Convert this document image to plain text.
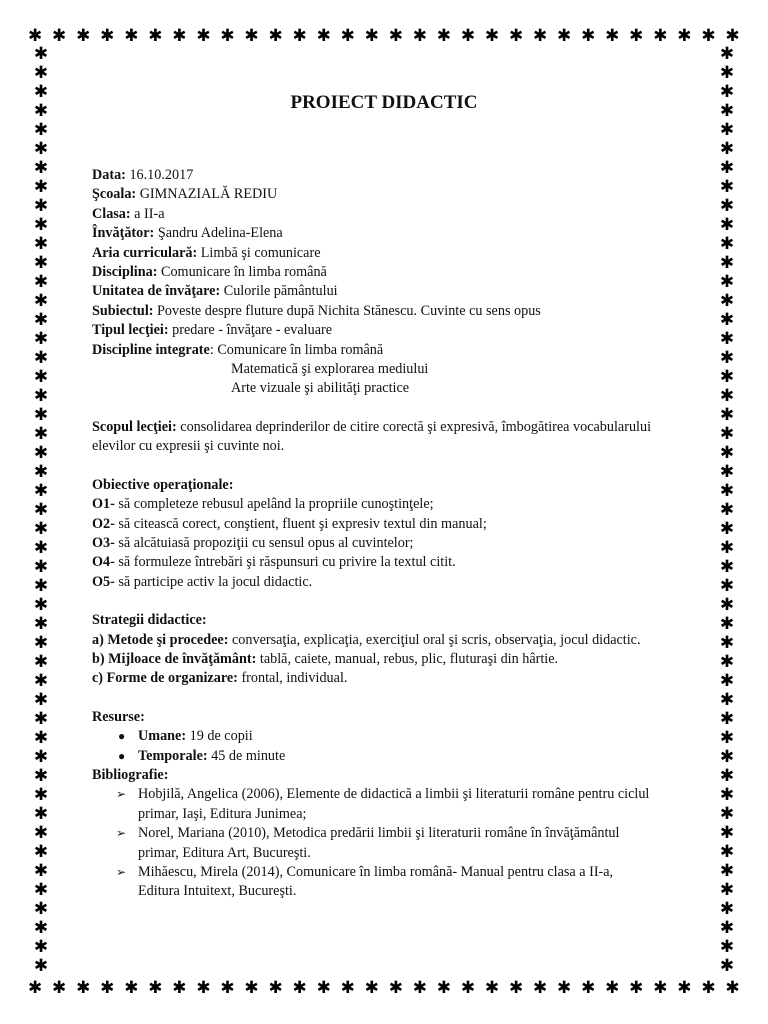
✱ ✱ ✱ ✱ ✱ ✱ ✱ ✱ ✱ ✱ ✱ ✱ ✱ ✱ ✱ ✱ ✱ ✱ ✱ ✱ ✱ ✱ ✱ ✱ ✱ ✱ ✱ ✱ ✱ ✱
✱ ✱ ✱ ✱ ✱ ✱ ✱ ✱ ✱ ✱ ✱ ✱ ✱ ✱ ✱ ✱ ✱ ✱ ✱ ✱ ✱ ✱ ✱ ✱ ✱ ✱ ✱ ✱ ✱ ✱
✱
✱
✱
✱
✱
✱
✱
✱
✱
✱
✱
✱
✱
✱
✱
✱
✱
✱
✱
✱
✱
✱
✱
✱
✱
✱
✱
✱
✱
✱
✱
✱
✱
✱
✱
✱
✱
✱
✱
✱
✱
✱
✱
✱
✱
✱
✱
✱
✱
✱
✱
✱
✱
✱
✱
✱
✱
✱
✱
✱
✱
✱
✱
✱
✱
✱
✱
✱
✱
✱
✱
✱
✱
✱
✱
✱
✱
✱
✱
✱
✱
✱
✱
✱
✱
✱
✱
✱
✱
✱
✱
✱
✱
✱
✱
✱
✱
✱
PROIECT DIDACTIC
Data: 16.10.2017
Şcoala: GIMNAZIALĂ REDIU
Clasa: a II-a
Învăţător: Şandru Adelina-Elena
Aria curriculară: Limbă şi comunicare
Disciplina: Comunicare în limba română
Unitatea de învăţare: Culorile pământului
Subiectul: Poveste despre fluture după Nichita Stănescu. Cuvinte cu sens opus
Tipul lecţiei: predare - învăţare - evaluare
Discipline integrate: Comunicare în limba română
Matematică şi explorarea mediului
Arte vizuale şi abilităţi practice
Scopul lecţiei: consolidarea deprinderilor de citire corectă şi expresivă, îmbogătirea vocabularului elevilor cu expresii şi cuvinte noi.
Obiective operaţionale:
O1- să completeze rebusul apelând la propriile cunoştinţele;
O2- să citească corect, conştient, fluent şi expresiv textul din manual;
O3- să alcătuiasă propoziţii cu sensul opus al cuvintelor;
O4- să formuleze întrebări şi răspunsuri cu privire la textul citit.
O5- să participe activ la jocul didactic.
Strategii didactice:
a) Metode şi procedee: conversaţia, explicaţia, exerciţiul oral şi scris, observaţia, jocul didactic.
b) Mijloace de învăţământ: tablă, caiete, manual, rebus, plic, fluturaşi din hârtie.
c) Forme de organizare: frontal, individual.
Resurse:
● Umane: 19 de copii
● Temporale: 45 de minute
Bibliografie:
➢ Hobjilă, Angelica (2006), Elemente de didactică a limbii şi literaturii române pentru ciclul primar, Iaşi, Editura Junimea;
➢ Norel, Mariana (2010), Metodica predării limbii şi literaturii române în învăţământul primar, Editura Art, Bucureşti.
➢ Mihăescu, Mirela (2014), Comunicare în limba română- Manual pentru clasa a II-a, Editura Intuitext, Bucureşti.
